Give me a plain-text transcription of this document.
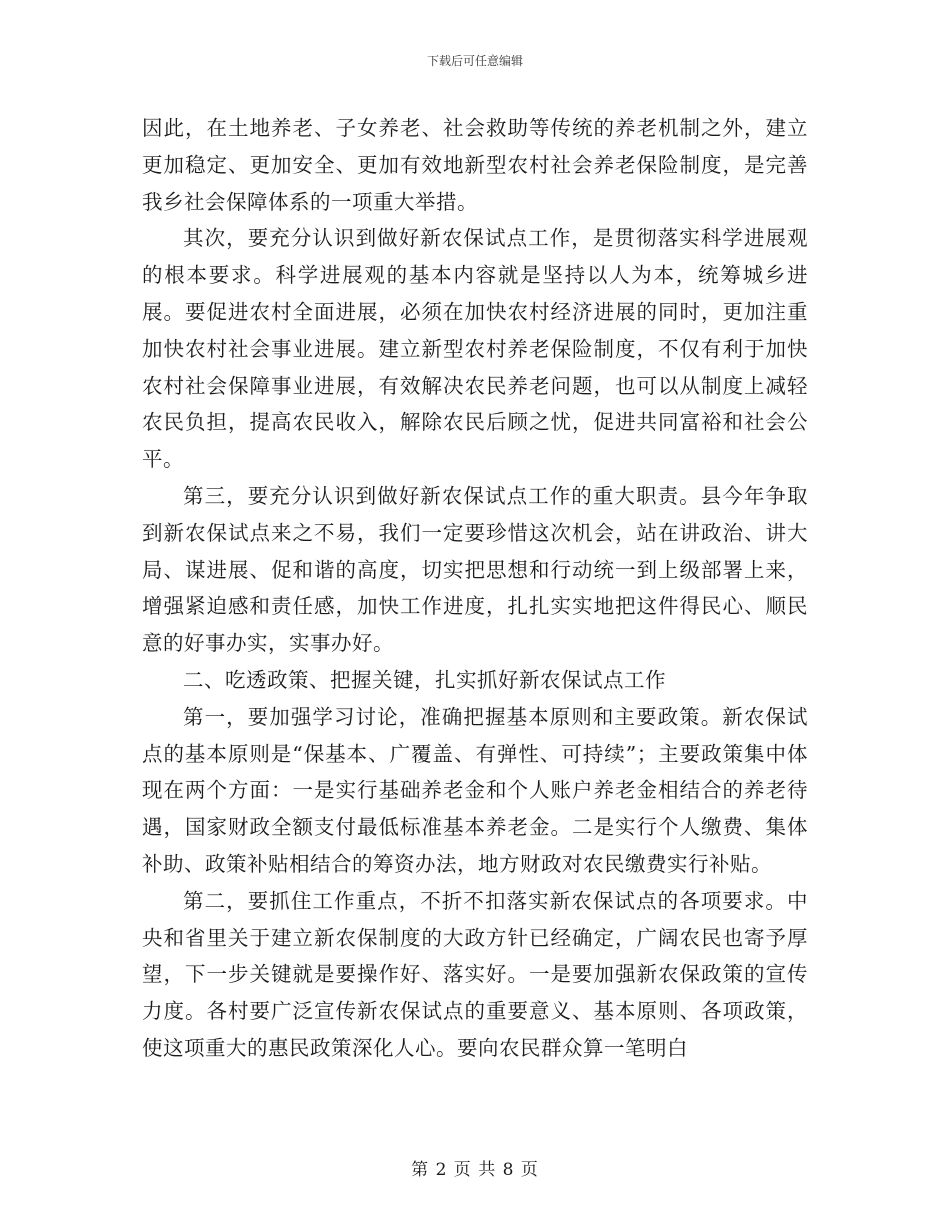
下载后可任意编辑

因此，在土地养老、子女养老、社会救助等传统的养老机制之外，建立更加稳定、更加安全、更加有效地新型农村社会养老保险制度，是完善我乡社会保障体系的一项重大举措。

其次，要充分认识到做好新农保试点工作，是贯彻落实科学进展观的根本要求。科学进展观的基本内容就是坚持以人为本，统筹城乡进展。要促进农村全面进展，必须在加快农村经济进展的同时，更加注重加快农村社会事业进展。建立新型农村养老保险制度，不仅有利于加快农村社会保障事业进展，有效解决农民养老问题，也可以从制度上减轻农民负担，提高农民收入，解除农民后顾之忧，促进共同富裕和社会公平。

第三，要充分认识到做好新农保试点工作的重大职责。县今年争取到新农保试点来之不易，我们一定要珍惜这次机会，站在讲政治、讲大局、谋进展、促和谐的高度，切实把思想和行动统一到上级部署上来，增强紧迫感和责任感，加快工作进度，扎扎实实地把这件得民心、顺民意的好事办实，实事办好。

二、吃透政策、把握关键，扎实抓好新农保试点工作

第一，要加强学习讨论，准确把握基本原则和主要政策。新农保试点的基本原则是“保基本、广覆盖、有弹性、可持续”；主要政策集中体现在两个方面：一是实行基础养老金和个人账户养老金相结合的养老待遇，国家财政全额支付最低标准基本养老金。二是实行个人缴费、集体补助、政策补贴相结合的筹资办法，地方财政对农民缴费实行补贴。

第二，要抓住工作重点，不折不扣落实新农保试点的各项要求。中央和省里关于建立新农保制度的大政方针已经确定，广阔农民也寄予厚望，下一步关键就是要操作好、落实好。一是要加强新农保政策的宣传力度。各村要广泛宣传新农保试点的重要意义、基本原则、各项政策，使这项重大的惠民政策深化人心。要向农民群众算一笔明白

第 2 页 共 8 页
